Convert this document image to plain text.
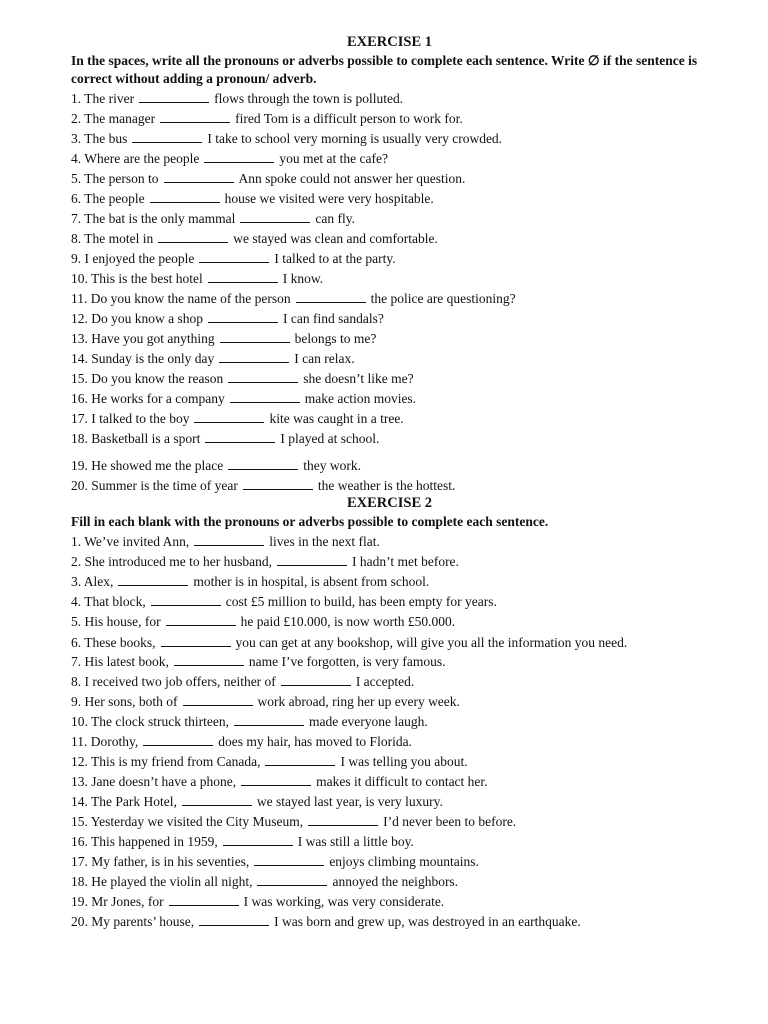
EXERCISE 1
In the spaces, write all the pronouns or adverbs possible to complete each sentence. Write ∅ if the sentence is correct without adding a pronoun/ adverb.
1. The river	flows through the town is polluted.
2. The manager	fired Tom is a difficult person to work for.
3. The bus	I take to school very morning is usually very crowded.
4. Where are the people	you met at the cafe?
5. The person to	Ann spoke could not answer her question.
6. The people	house we visited were very hospitable.
7. The bat is the only mammal	can fly.
8. The motel in	we stayed was clean and comfortable.
9. I enjoyed the people	I talked to at the party.
10. This is the best hotel	I know.
11. Do you know the name of the person	the police are questioning?
12. Do you know a shop	I can find sandals?
13. Have you got anything	belongs to me?
14. Sunday is the only day	I can relax.
15. Do you know the reason	she doesn’t like me?
16. He works for a company	make action movies.
17. I talked to the boy	kite was caught in a tree.
18. Basketball is a sport	I played at school.
19. He showed me the place	they work.
20. Summer is the time of year	the weather is the hottest.
EXERCISE 2
Fill in each blank with the pronouns or adverbs possible to complete each sentence.
1. We’ve invited Ann,	lives in the next flat.
2. She introduced me to her husband,	I hadn’t met before.
3. Alex,	mother is in hospital, is absent from school.
4. That block,	cost £5 million to build, has been empty for years.
5. His house, for	he paid £10.000, is now worth £50.000.
6. These books,	you can get at any bookshop, will give you all the information you need.
7. His latest book,	name I’ve forgotten, is very famous.
8. I received two job offers, neither of	I accepted.
9. Her sons, both of	work abroad, ring her up every week.
10. The clock struck thirteen,	made everyone laugh.
11. Dorothy,	does my hair, has moved to Florida.
12. This is my friend from Canada,	I was telling you about.
13. Jane doesn’t have a phone,	makes it difficult to contact her.
14. The Park Hotel,	we stayed last year, is very luxury.
15. Yesterday we visited the City Museum,	I’d never been to before.
16. This happened in 1959,	I was still a little boy.
17. My father, is in his seventies,	enjoys climbing mountains.
18. He played the violin all night,	annoyed the neighbors.
19. Mr Jones, for	I was working, was very considerate.
20. My parents’ house,	I was born and grew up, was destroyed in an earthquake.
